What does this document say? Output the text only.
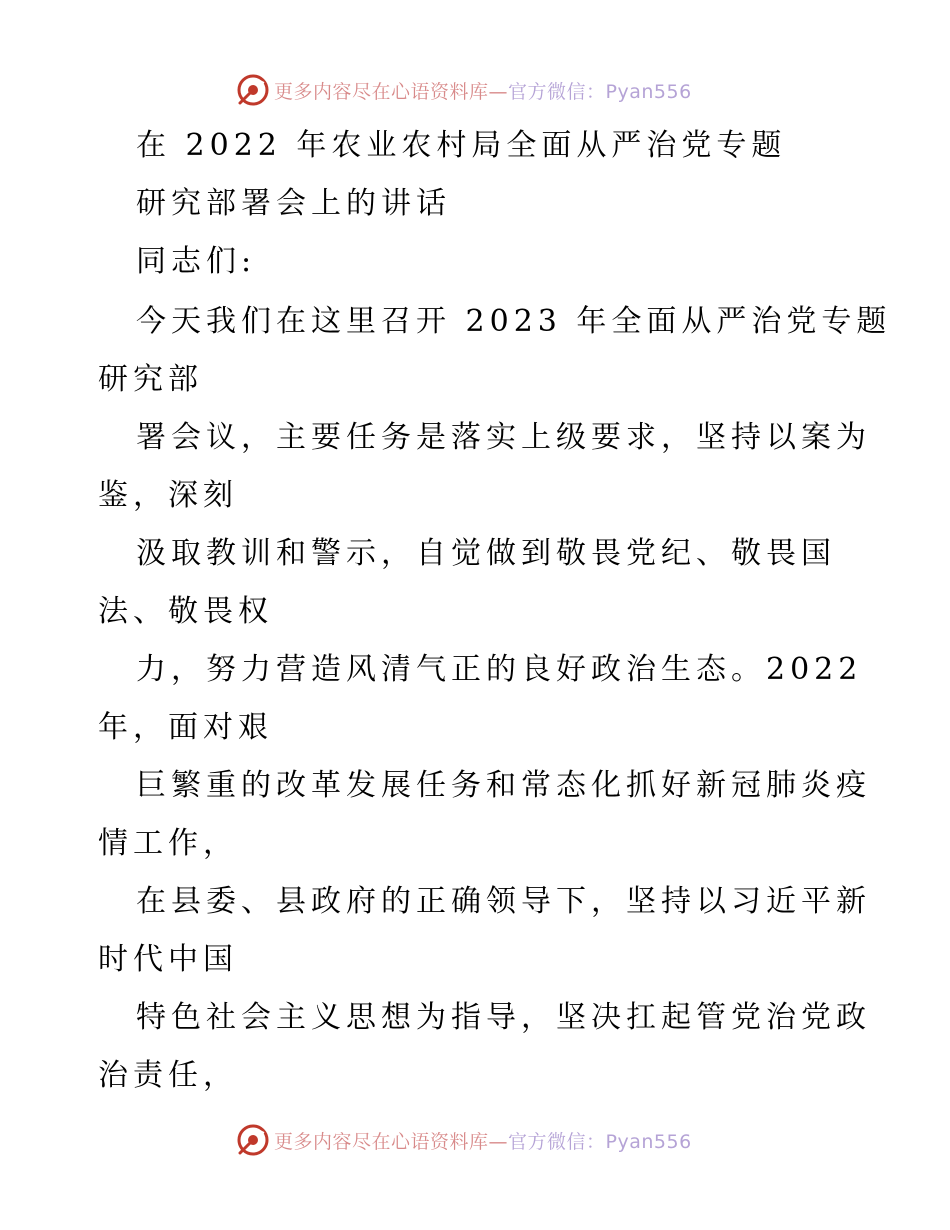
更多内容尽在心语资料库—官方微信：Pyan556
在 2022 年农业农村局全面从严治党专题
研究部署会上的讲话
同志们:
今天我们在这里召开 2023 年全面从严治党专题
研究部
署会议，主要任务是落实上级要求，坚持以案为
鉴，深刻
汲取教训和警示，自觉做到敬畏党纪、敬畏国
法、敬畏权
力，努力营造风清气正的良好政治生态。2022
年，面对艰
巨繁重的改革发展任务和常态化抓好新冠肺炎疫
情工作，
在县委、县政府的正确领导下，坚持以习近平新
时代中国
特色社会主义思想为指导，坚决扛起管党治党政
治责任，
更多内容尽在心语资料库—官方微信：Pyan556
